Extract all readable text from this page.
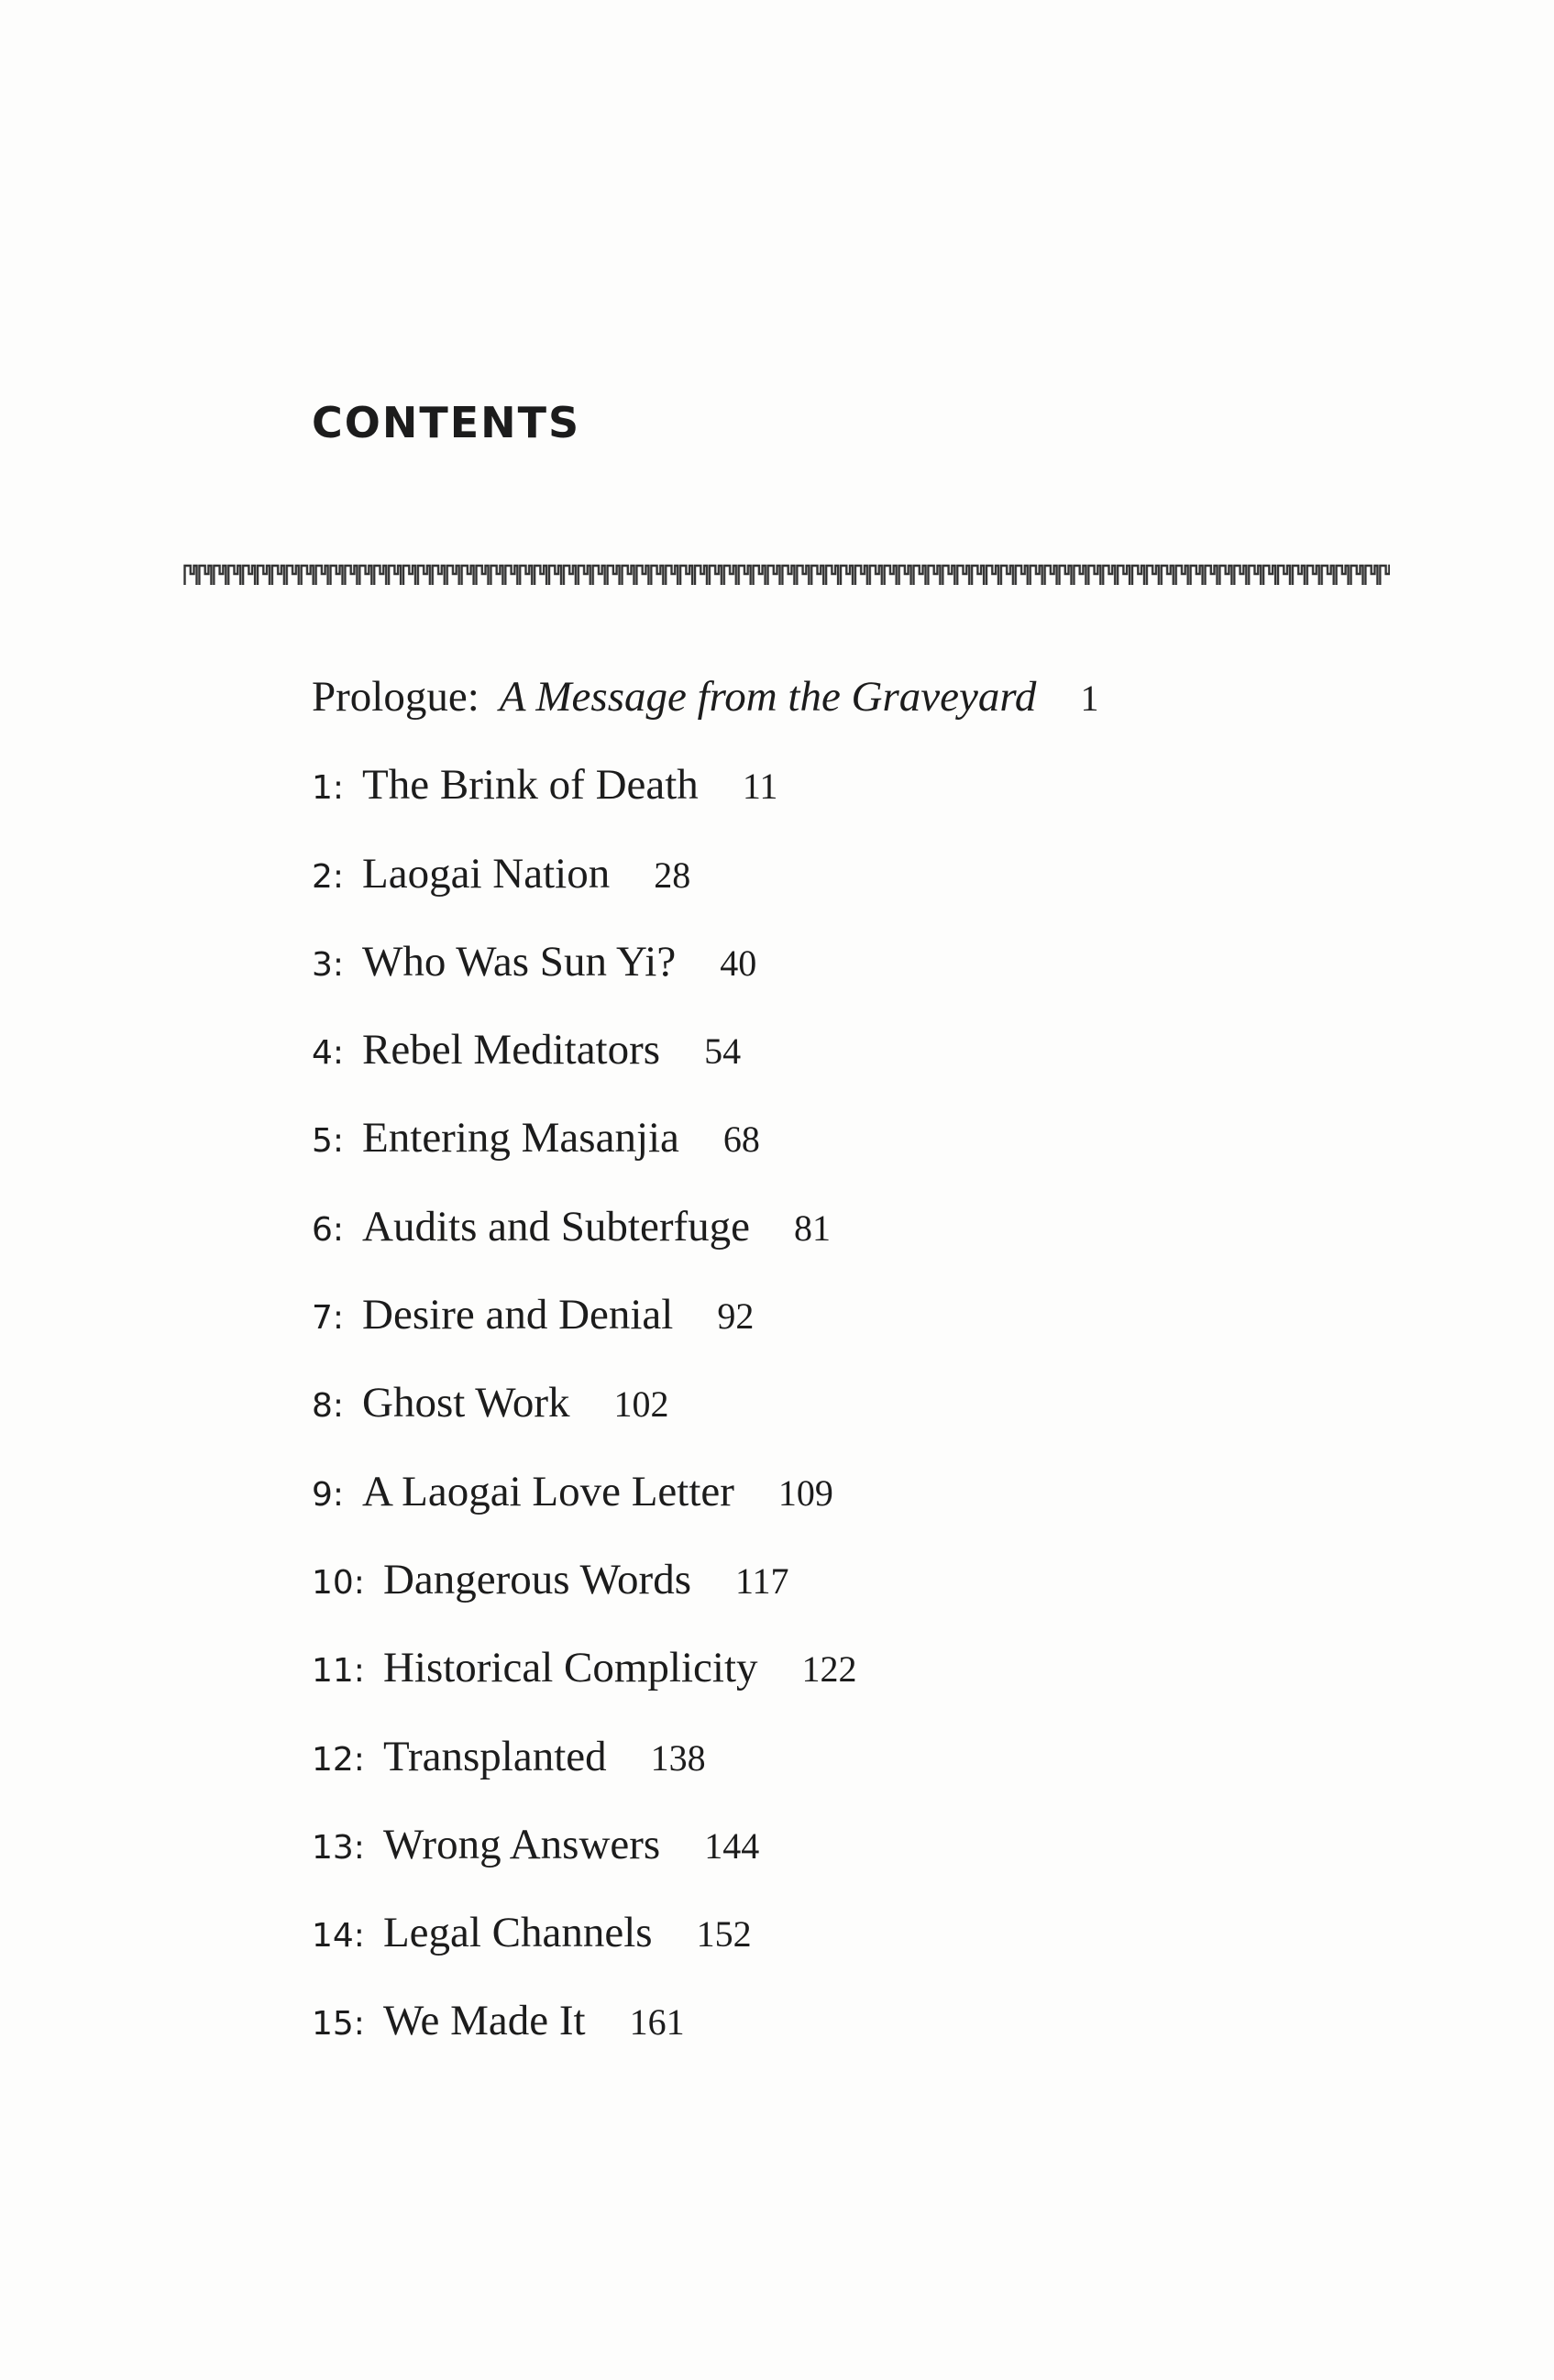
CONTENTS
Prologue: A Message from the Graveyard 1
1: The Brink of Death 11
2: Laogai Nation 28
3: Who Was Sun Yi? 40
4: Rebel Meditators 54
5: Entering Masanjia 68
6: Audits and Subterfuge 81
7: Desire and Denial 92
8: Ghost Work 102
9: A Laogai Love Letter 109
10: Dangerous Words 117
11: Historical Complicity 122
12: Transplanted 138
13: Wrong Answers 144
14: Legal Channels 152
15: We Made It 161
